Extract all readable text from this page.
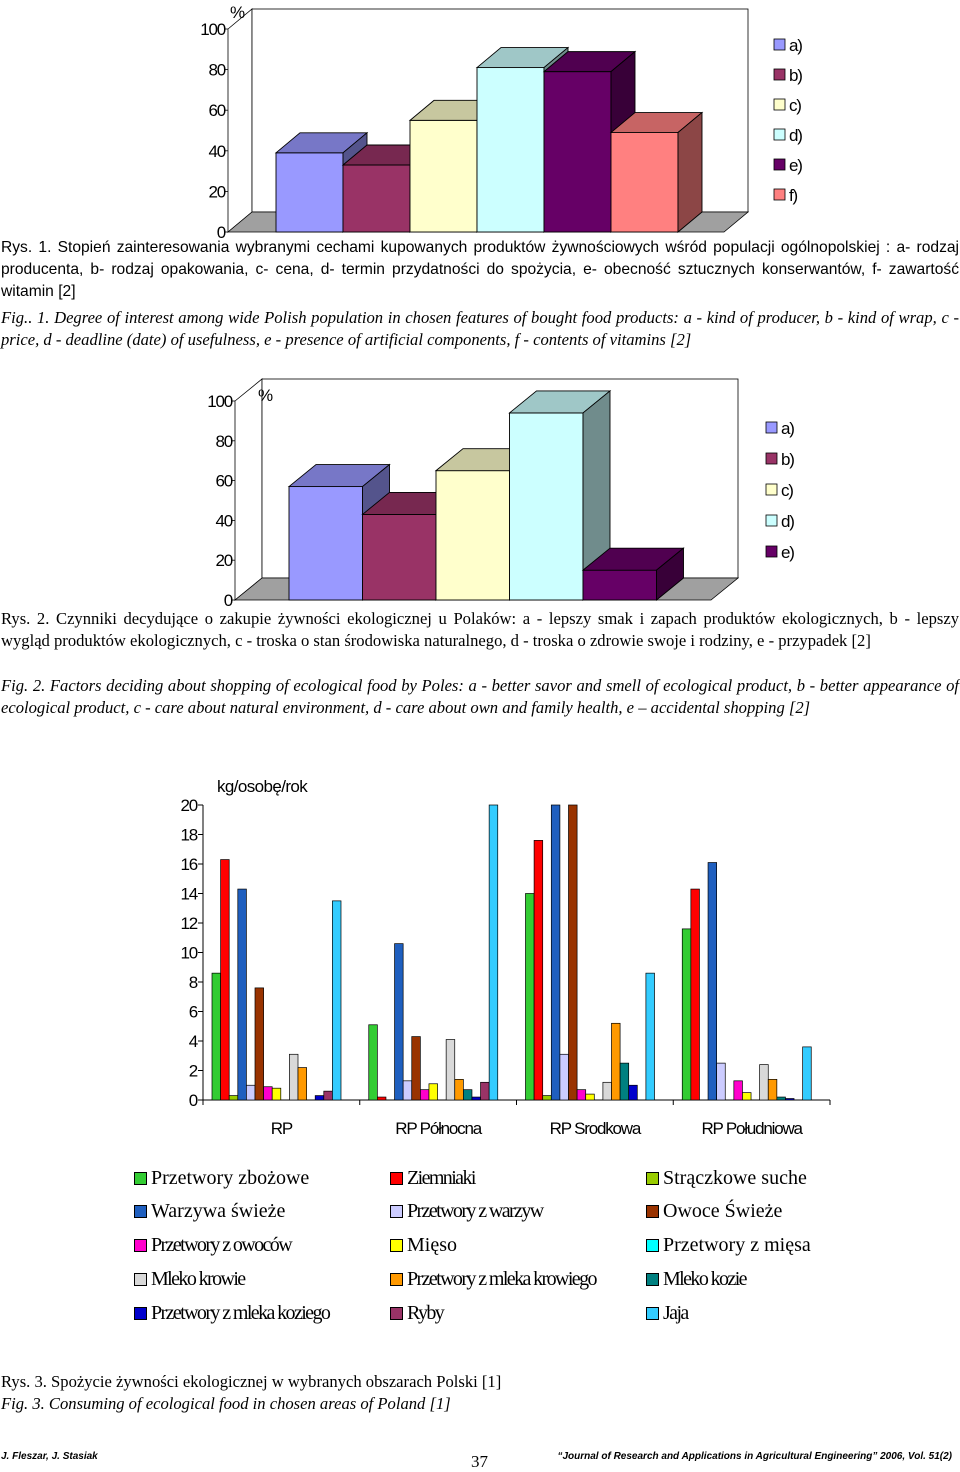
0
20
40
60
80
100
%
a)
b)
c)
d)
e)
f)

Rys. 1. Stopień zainteresowania wybranymi cechami kupowanych produktów żywnościowych wśród populacji ogólnopolskiej : a- rodzaj producenta, b- rodzaj opakowania, c- cena, d- termin przydatności do spożycia, e- obecność sztucznych konserwantów, f- zawartość witamin [2]

Fig.. 1. Degree of interest among wide Polish population in chosen features of bought food products: a - kind of producer, b - kind of wrap, c - price, d - deadline (date) of usefulness, e - presence of artificial components, f - contents of vitamins [2]

0
20
40
60
80
100 %
a)
b)
c)
d)
e)

Rys. 2. Czynniki decydujące o zakupie żywności ekologicznej u Polaków: a - lepszy smak i zapach produktów ekologicznych, b - lepszy wygląd produktów ekologicznych, c - troska o stan środowiska naturalnego, d - troska o zdrowie swoje i rodziny, e - przypadek [2]

Fig. 2. Factors deciding about shopping of ecological food by Poles: a - better savor and smell of ecological product, b - better appearance of ecological product, c - care about natural environment, d - care about own and family health, e – accidental shopping [2]

0
2
4
6
8
10
12
14
16
18
20
kg/osobę/rok
RP	RP Północna	RP Srodkowa	RP Południowa
Przetwory zbożowe	Ziemniaki	Strączkowe suche
Warzywa świeże	Przetwory z warzyw	Owoce Świeże
Przetwory z owoców	Mięso	Przetwory z mięsa
Mleko krowie	Przetwory z mleka krowiego	Mleko kozie
Przetwory z mleka koziego	Ryby	Jaja

Rys. 3. Spożycie żywności ekologicznej w wybranych obszarach Polski [1]

Fig. 3. Consuming of ecological food in chosen areas of Poland [1]

J. Fleszar, J. Stasiak	37	“Journal of Research and Applications in Agricultural Engineering” 2006, Vol. 51(2)
